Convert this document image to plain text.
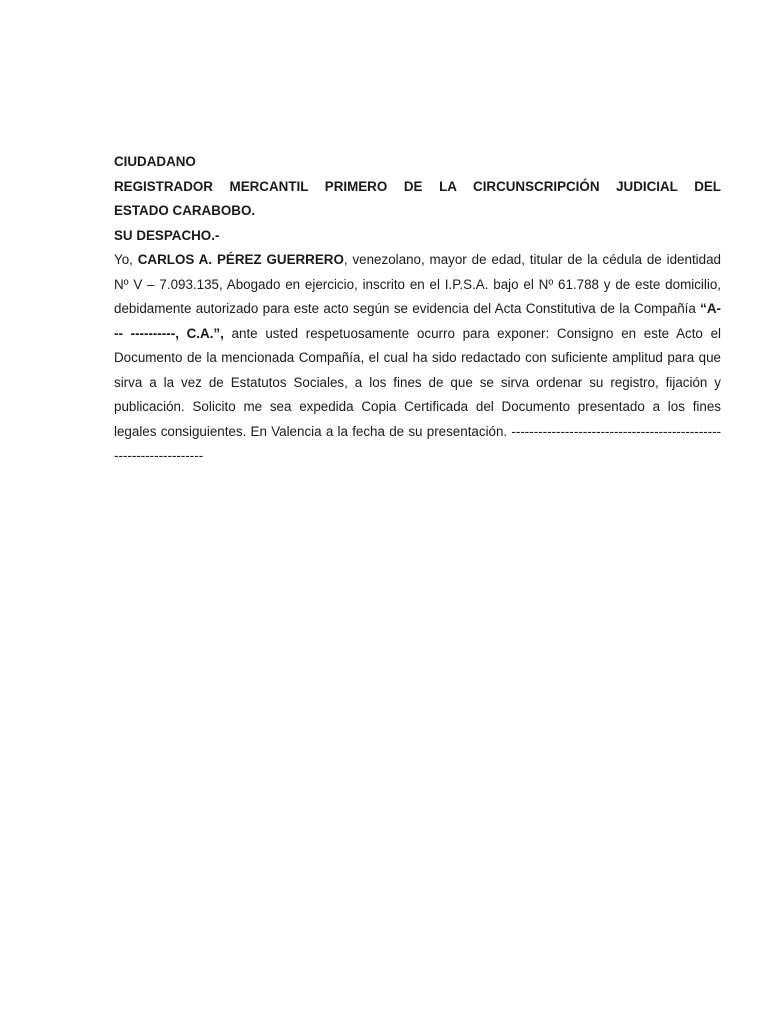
CIUDADANO

REGISTRADOR MERCANTIL PRIMERO DE LA CIRCUNSCRIPCIÓN JUDICIAL DEL

ESTADO CARABOBO.

SU DESPACHO.-

Yo, CARLOS A. PÉREZ GUERRERO, venezolano, mayor de edad, titular de la cédula de identidad Nº V – 7.093.135, Abogado en ejercicio, inscrito en el I.P.S.A. bajo el Nº 61.788 y de este domicilio, debidamente autorizado para este acto según se evidencia del Acta Constitutiva de la Compañía “A--- ----------, C.A.”, ante usted respetuosamente ocurro para exponer: Consigno en este Acto el Documento de la mencionada Compañía, el cual ha sido redactado con suficiente amplitud para que sirva a la vez de Estatutos Sociales, a los fines de que se sirva ordenar su registro, fijación y publicación. Solicito me sea expedida Copia Certificada del Documento presentado a los fines legales consiguientes. En Valencia a la fecha de su presentación. -------------------------------------------------------------------
